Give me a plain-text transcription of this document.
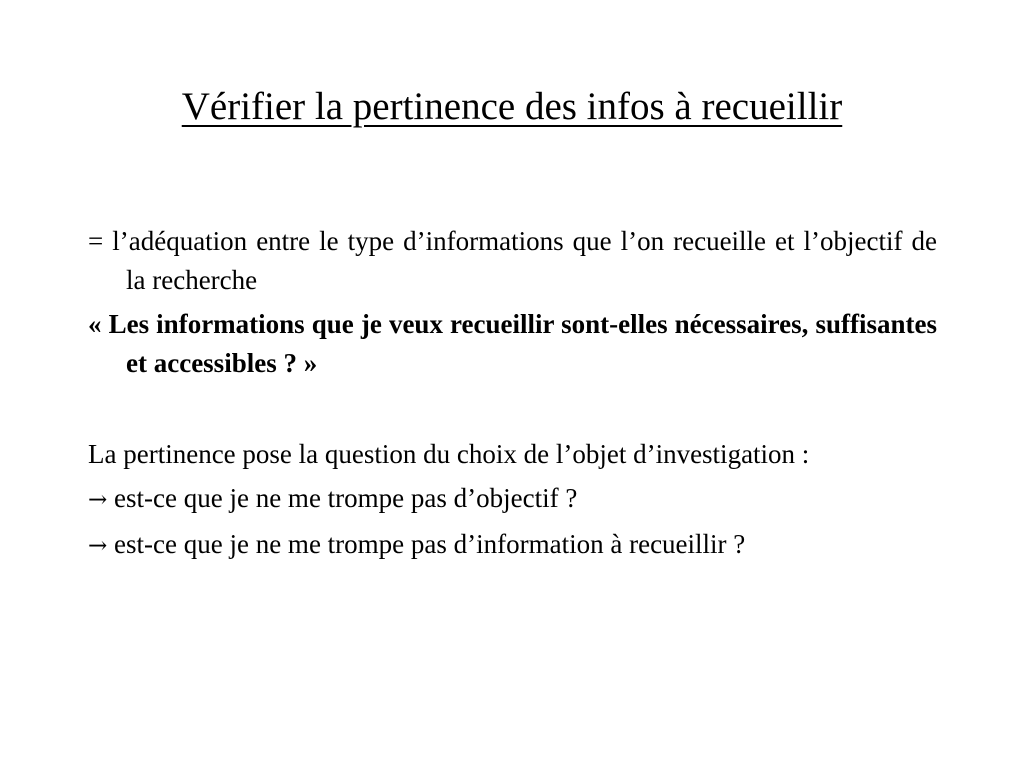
Vérifier la pertinence des infos à recueillir

= l’adéquation entre le type d’informations que l’on recueille et l’objectif de la recherche

« Les informations que je veux recueillir sont-elles nécessaires, suffisantes et accessibles ? »

La pertinence pose la question du choix de l’objet d’investigation :

→ est-ce que je ne me trompe pas d’objectif ?

→ est-ce que je ne me trompe pas d’information à recueillir ?
